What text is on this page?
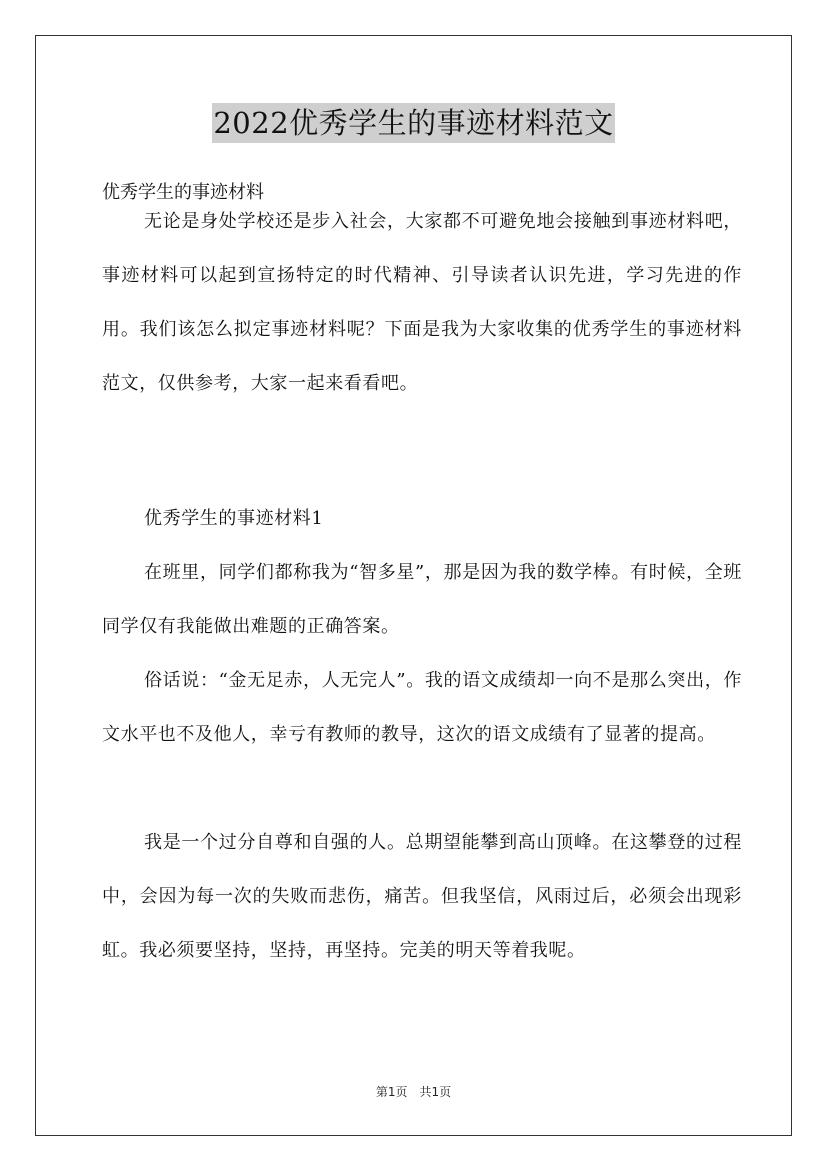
2022优秀学生的事迹材料范文
优秀学生的事迹材料

无论是身处学校还是步入社会，大家都不可避免地会接触到事迹材料吧，事迹材料可以起到宣扬特定的时代精神、引导读者认识先进，学习先进的作用。我们该怎么拟定事迹材料呢？下面是我为大家收集的优秀学生的事迹材料范文，仅供参考，大家一起来看看吧。

优秀学生的事迹材料1

在班里，同学们都称我为“智多星”，那是因为我的数学棒。有时候，全班同学仅有我能做出难题的正确答案。

俗话说：“金无足赤，人无完人”。我的语文成绩却一向不是那么突出，作文水平也不及他人，幸亏有教师的教导，这次的语文成绩有了显著的提高。

我是一个过分自尊和自强的人。总期望能攀到高山顶峰。在这攀登的过程中，会因为每一次的失败而悲伤，痛苦。但我坚信，风雨过后，必须会出现彩虹。我必须要坚持，坚持，再坚持。完美的明天等着我呢。

第1页 共1页
